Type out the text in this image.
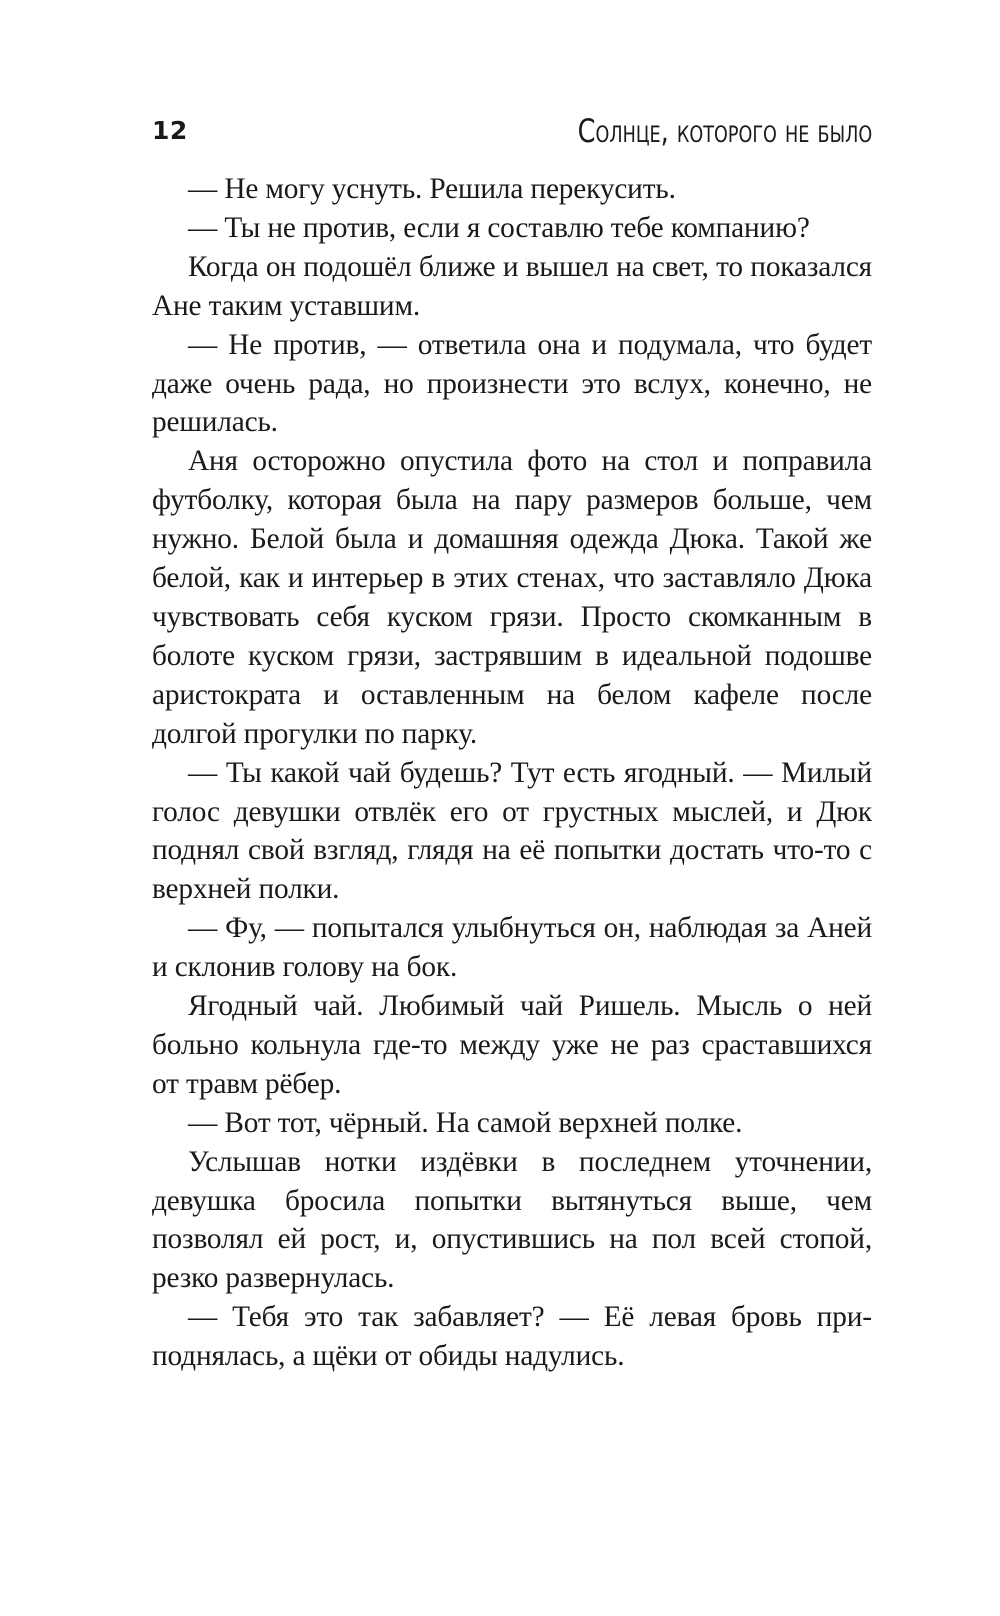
12	Солнце, которого не было

— Не могу уснуть. Решила перекусить.

— Ты не против, если я составлю тебе компанию?

Когда он подошёл ближе и вышел на свет, то показался Ане таким уставшим.

— Не против, — ответила она и подумала, что будет даже очень рада, но произнести это вслух, конечно, не решилась.

Аня осторожно опустила фото на стол и поправила футболку, которая была на пару размеров больше, чем нужно. Белой была и домашняя одежда Дюка. Такой же белой, как и интерьер в этих стенах, что заставляло Дюка чувствовать себя куском грязи. Просто скомканным в болоте куском грязи, застрявшим в идеальной подошве аристократа и оставленным на белом кафеле после долгой прогулки по парку.

— Ты какой чай будешь? Тут есть ягодный. — Милый голос девушки отвлёк его от грустных мыслей, и Дюк поднял свой взгляд, глядя на её попытки достать что-то с верхней полки.

— Фу, — попытался улыбнуться он, наблюдая за Аней и склонив голову на бок.

Ягодный чай. Любимый чай Ришель. Мысль о ней больно кольнула где-то между уже не раз сраставшихся от травм рёбер.

— Вот тот, чёрный. На самой верхней полке.

Услышав нотки издёвки в последнем уточнении, девушка бросила попытки вытянуться выше, чем позволял ей рост, и, опустившись на пол всей стопой, резко развернулась.

— Тебя это так забавляет? — Её левая бровь приподнялась, а щёки от обиды надулись.
